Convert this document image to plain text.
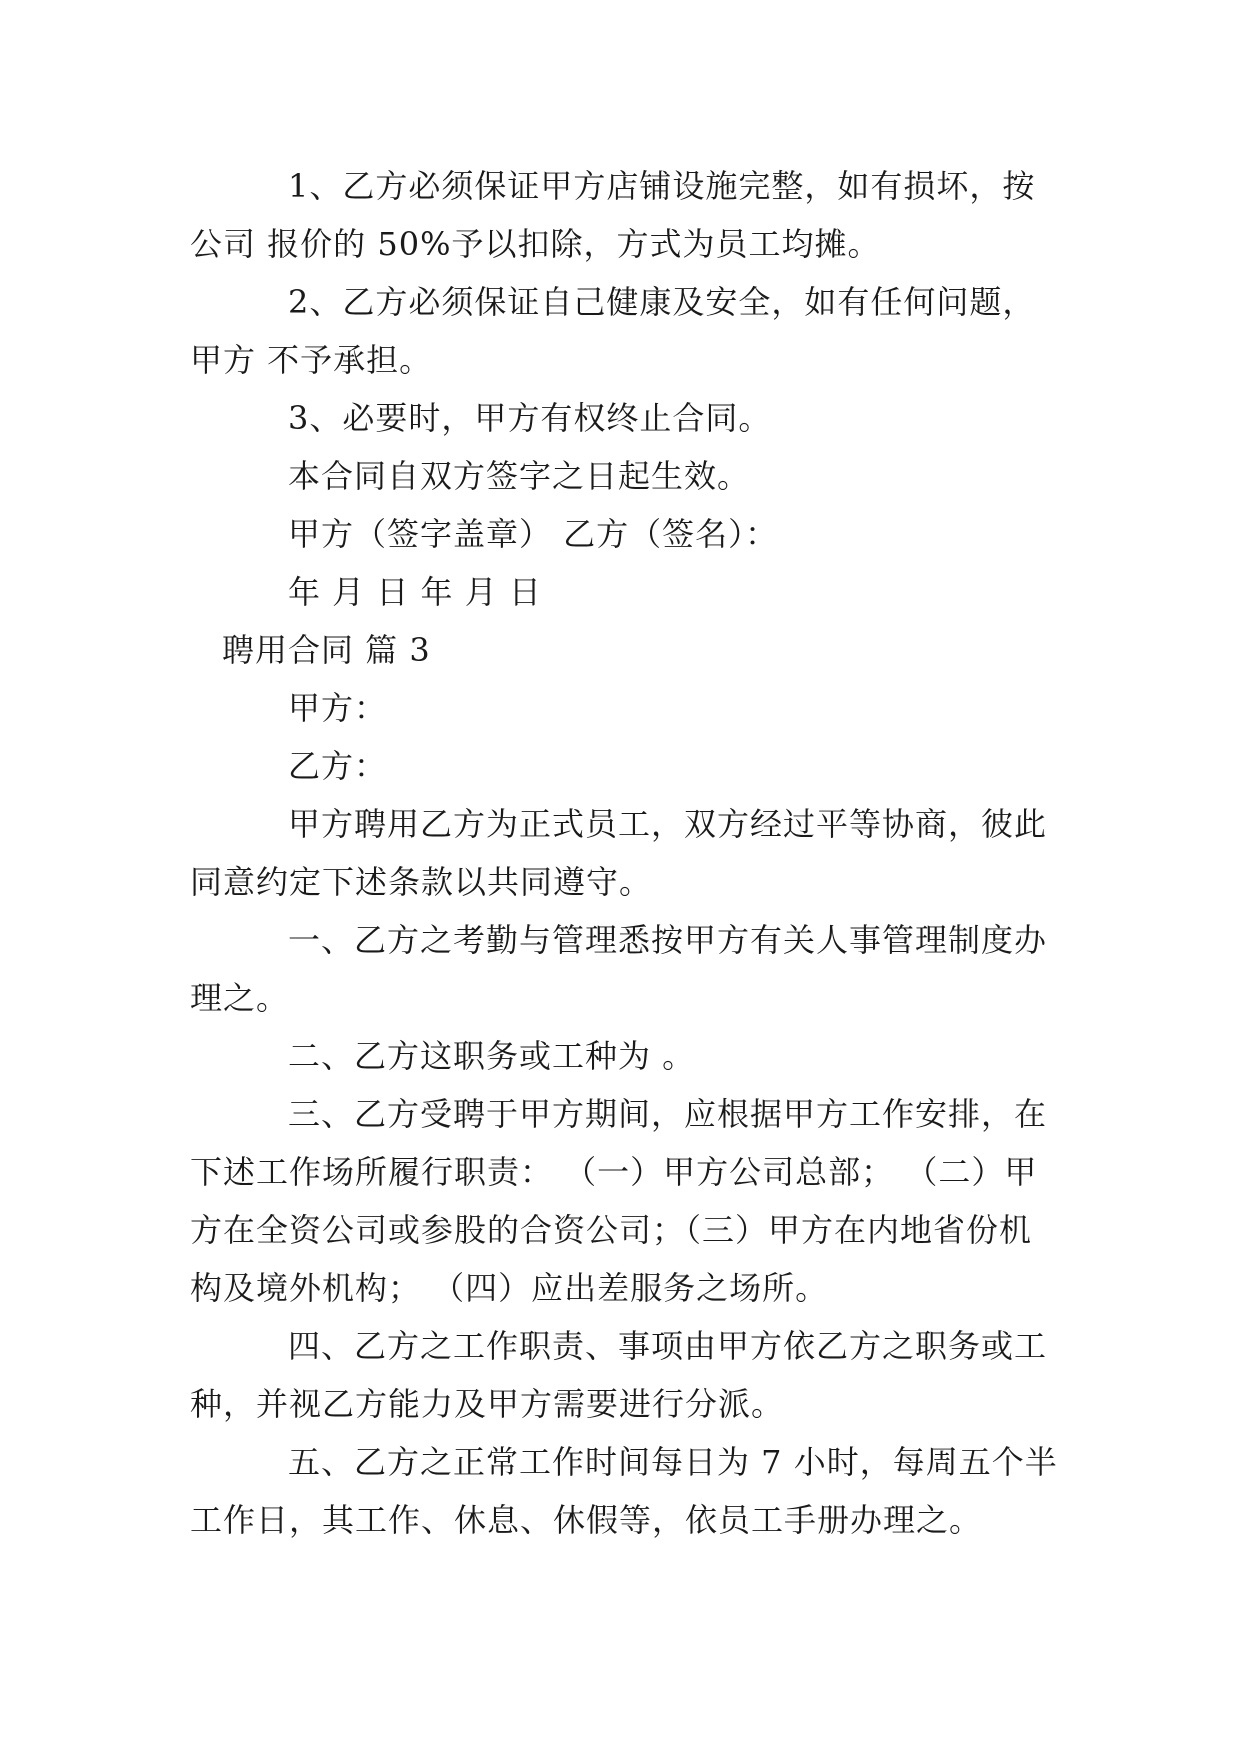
1、乙方必须保证甲方店铺设施完整，如有损坏，按
公司 报价的 50%予以扣除，方式为员工均摊。
2、乙方必须保证自己健康及安全，如有任何问题，
甲方 不予承担。
3、必要时，甲方有权终止合同。
本合同自双方签字之日起生效。
甲方（签字盖章） 乙方（签名）：
年 月 日 年 月 日
聘用合同 篇 3
甲方：
乙方：
甲方聘用乙方为正式员工，双方经过平等协商，彼此
同意约定下述条款以共同遵守。
一、乙方之考勤与管理悉按甲方有关人事管理制度办
理之。
二、乙方这职务或工种为 。
三、乙方受聘于甲方期间，应根据甲方工作安排，在
下述工作场所履行职责： （一）甲方公司总部； （二）甲
方在全资公司或参股的合资公司；（三）甲方在内地省份机
构及境外机构； （四）应出差服务之场所。
四、乙方之工作职责、事项由甲方依乙方之职务或工
种，并视乙方能力及甲方需要进行分派。
五、乙方之正常工作时间每日为 7 小时，每周五个半
工作日，其工作、休息、休假等，依员工手册办理之。
